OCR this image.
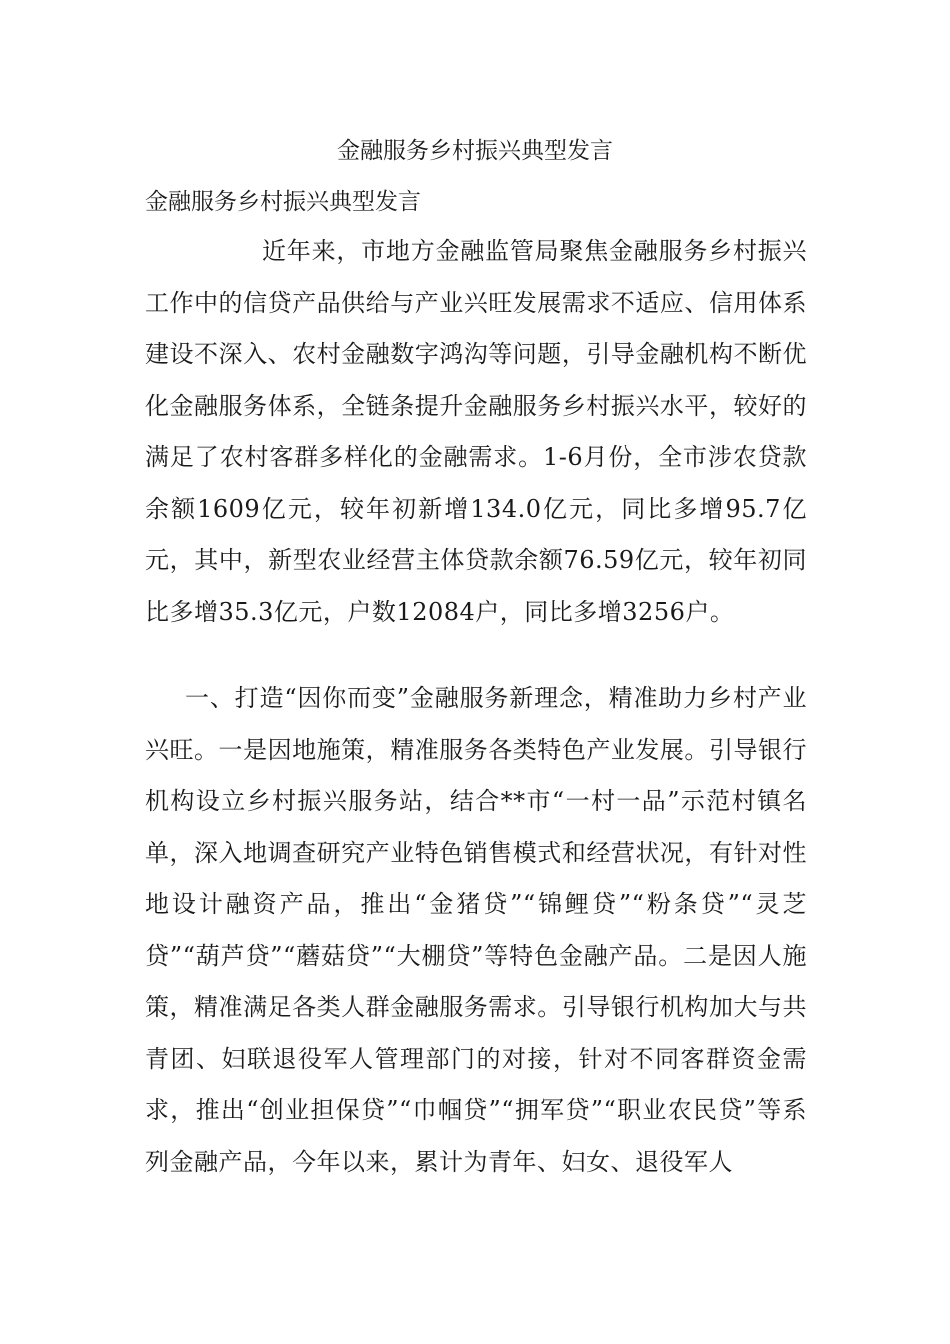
金融服务乡村振兴典型发言
金融服务乡村振兴典型发言

近年来，市地方金融监管局聚焦金融服务乡村振兴工作中的信贷产品供给与产业兴旺发展需求不适应、信用体系建设不深入、农村金融数字鸿沟等问题，引导金融机构不断优化金融服务体系，全链条提升金融服务乡村振兴水平，较好的满足了农村客群多样化的金融需求。1-6月份，全市涉农贷款余额1609亿元，较年初新增134.0亿元，同比多增95.7亿元，其中，新型农业经营主体贷款余额76.59亿元，较年初同比多增35.3亿元，户数12084户，同比多增3256户。

一、打造“因你而变”金融服务新理念，精准助力乡村产业兴旺。一是因地施策，精准服务各类特色产业发展。引导银行机构设立乡村振兴服务站，结合**市“一村一品”示范村镇名单，深入地调查研究产业特色销售模式和经营状况，有针对性地设计融资产品，推出“金猪贷”“锦鲤贷”“粉条贷”“灵芝贷”“葫芦贷”“蘑菇贷”“大棚贷”等特色金融产品。二是因人施策，精准满足各类人群金融服务需求。引导银行机构加大与共青团、妇联退役军人管理部门的对接，针对不同客群资金需求，推出“创业担保贷”“巾帼贷”“拥军贷”“职业农民贷”等系列金融产品，今年以来，累计为青年、妇女、退役军人
